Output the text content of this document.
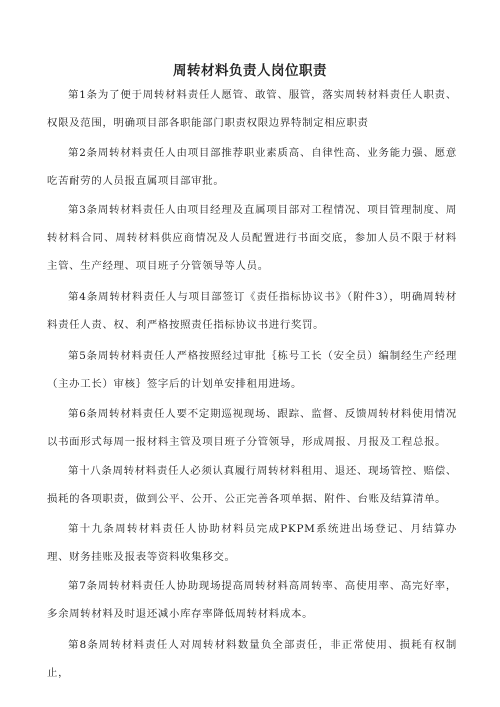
周转材料负责人岗位职责

第1条为了便于周转材料责任人愿管、敢管、服管，落实周转材料责任人职责、权限及范围，明确项目部各职能部门职责权限边界特制定相应职责

第2条周转材料责任人由项目部推荐职业素质高、自律性高、业务能力强、愿意吃苦耐劳的人员报直属项目部审批。

第3条周转材料责任人由项目经理及直属项目部对工程情况、项目管理制度、周转材料合同、周转材料供应商情况及人员配置进行书面交底，参加人员不限于材料主管、生产经理、项目班子分管领导等人员。

第4条周转材料责任人与项目部签订《责任指标协议书》（附件3），明确周转材料责任人责、权、利严格按照责任指标协议书进行奖罚。

第5条周转材料责任人严格按照经过审批｛栋号工长（安全员）编制经生产经理（主办工长）审核｝签字后的计划单安排租用进场。

第6条周转材料责任人要不定期巡视现场、跟踪、监督、反馈周转材料使用情况以书面形式每周一报材料主管及项目班子分管领导，形成周报、月报及工程总报。

第十八条周转材料责任人必须认真履行周转材料租用、退还、现场管控、赔偿、损耗的各项职责，做到公平、公开、公正完善各项单据、附件、台账及结算清单。

第十九条周转材料责任人协助材料员完成PKPM系统进出场登记、月结算办理、财务挂账及报表等资料收集移交。

第7条周转材料责任人协助现场提高周转材料高周转率、高使用率、高完好率，多余周转材料及时退还减小库存率降低周转材料成本。

第8条周转材料责任人对周转材料数量负全部责任，非正常使用、损耗有权制止，
